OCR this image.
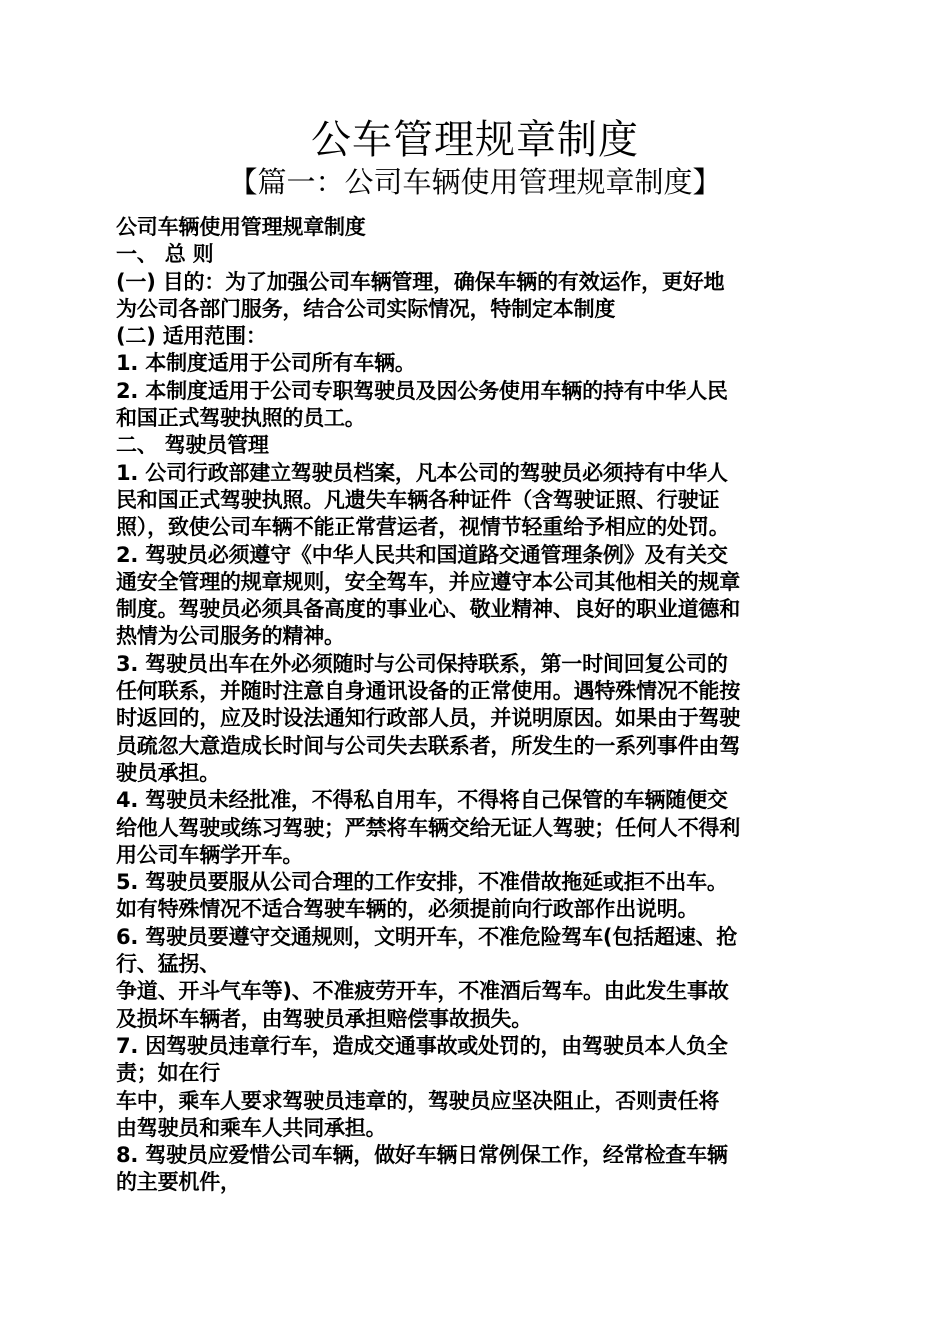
公车管理规章制度
【篇一：公司车辆使用管理规章制度】
公司车辆使用管理规章制度
一、 总 则
(一) 目的：为了加强公司车辆管理，确保车辆的有效运作，更好地
为公司各部门服务，结合公司实际情况，特制定本制度
(二) 适用范围：
1. 本制度适用于公司所有车辆。
2. 本制度适用于公司专职驾驶员及因公务使用车辆的持有中华人民
和国正式驾驶执照的员工。
二、 驾驶员管理
1. 公司行政部建立驾驶员档案，凡本公司的驾驶员必须持有中华人
民和国正式驾驶执照。凡遗失车辆各种证件（含驾驶证照、行驶证
照），致使公司车辆不能正常营运者，视情节轻重给予相应的处罚。
2. 驾驶员必须遵守《中华人民共和国道路交通管理条例》及有关交
通安全管理的规章规则，安全驾车，并应遵守本公司其他相关的规章
制度。驾驶员必须具备高度的事业心、敬业精神、良好的职业道德和
热情为公司服务的精神。
3. 驾驶员出车在外必须随时与公司保持联系，第一时间回复公司的
任何联系，并随时注意自身通讯设备的正常使用。遇特殊情况不能按
时返回的，应及时设法通知行政部人员，并说明原因。如果由于驾驶
员疏忽大意造成长时间与公司失去联系者，所发生的一系列事件由驾
驶员承担。
4. 驾驶员未经批准，不得私自用车，不得将自己保管的车辆随便交
给他人驾驶或练习驾驶；严禁将车辆交给无证人驾驶；任何人不得利
用公司车辆学开车。
5. 驾驶员要服从公司合理的工作安排，不准借故拖延或拒不出车。
如有特殊情况不适合驾驶车辆的，必须提前向行政部作出说明。
6. 驾驶员要遵守交通规则，文明开车，不准危险驾车(包括超速、抢
行、猛拐、
争道、开斗气车等)、不准疲劳开车，不准酒后驾车。由此发生事故
及损坏车辆者，由驾驶员承担赔偿事故损失。
7. 因驾驶员违章行车，造成交通事故或处罚的，由驾驶员本人负全
责；如在行
车中，乘车人要求驾驶员违章的，驾驶员应坚决阻止，否则责任将
由驾驶员和乘车人共同承担。
8. 驾驶员应爱惜公司车辆，做好车辆日常例保工作，经常检查车辆
的主要机件，
